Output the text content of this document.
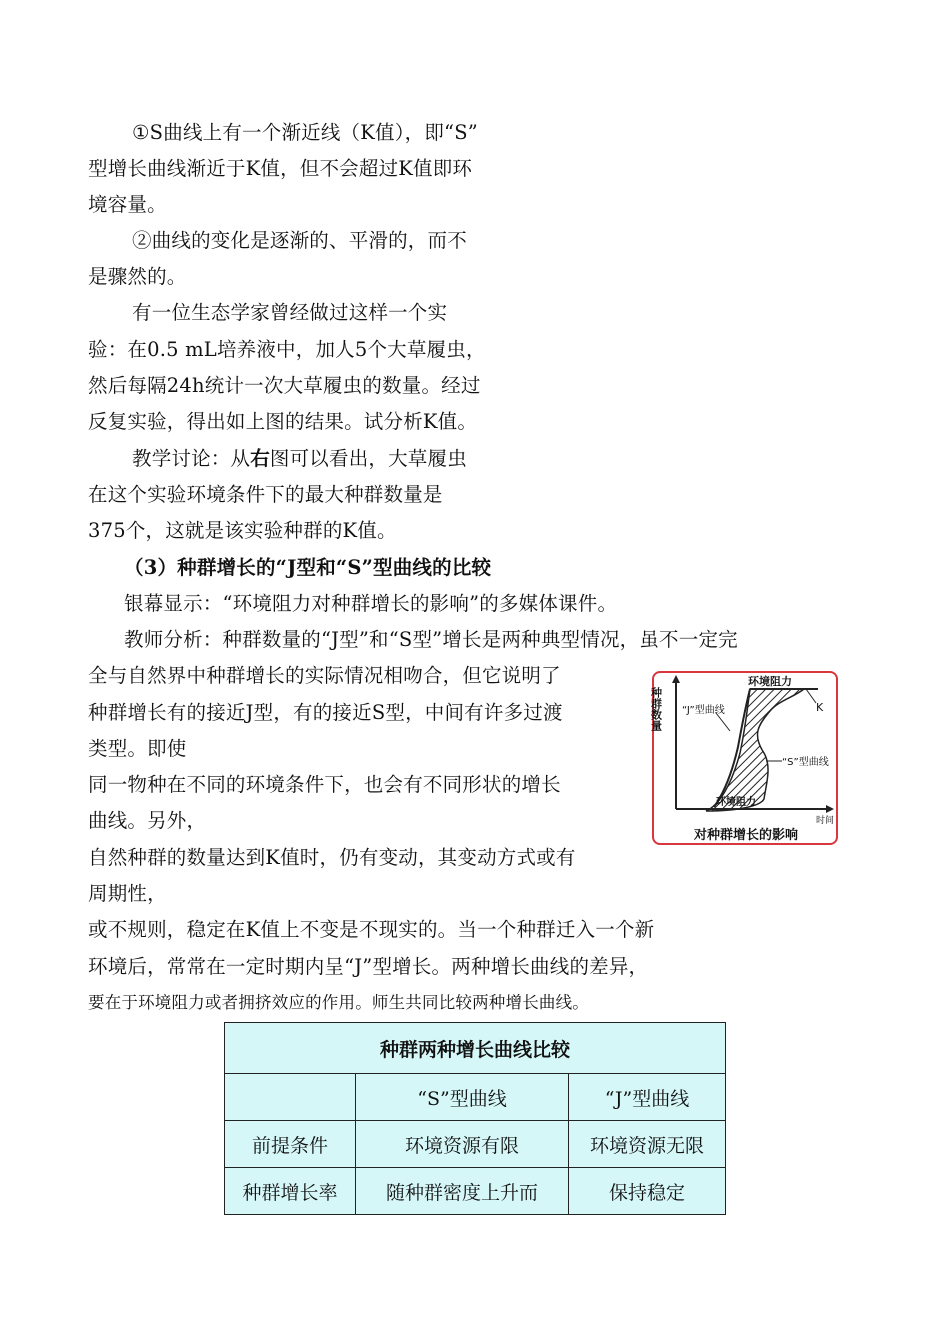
①S曲线上有一个渐近线（K值），即“S”
型增长曲线渐近于K值，但不会超过K值即环
境容量。
②曲线的变化是逐渐的、平滑的，而不
是骤然的。
有一位生态学家曾经做过这样一个实
验：在0.5 mL培养液中，加人5个大草履虫，
然后每隔24h统计一次大草履虫的数量。经过
反复实验，得出如上图的结果。试分析K值。
教学讨论：从右图可以看出，大草履虫
在这个实验环境条件下的最大种群数量是
375个，这就是该实验种群的K值。
（3）种群增长的“J型和“S”型曲线的比较
银幕显示：“环境阻力对种群增长的影响”的多媒体课件。
教师分析：种群数量的“J型”和“S型”增长是两种典型情况，虽不一定完
全与自然界中种群增长的实际情况相吻合，但它说明了
种群增长有的接近J型，有的接近S型，中间有许多过渡
类型。即使
同一物种在不同的环境条件下，也会有不同形状的增长
曲线。另外，
自然种群的数量达到K值时，仍有变动，其变动方式或有
周期性，
或不规则，稳定在K值上不变是不现实的。当一个种群迁入一个新
环境后，常常在一定时期内呈“J”型增长。两种增长曲线的差异，
要在于环境阻力或者拥挤效应的作用。师生共同比较两种增长曲线。
种群数量
环境阻力
“J”型曲线	K
“S”型曲线
环境阻力
时间
对种群增长的影响
种群两种增长曲线比较		
	“S”型曲线	“J”型曲线
前提条件	环境资源有限	环境资源无限
种群增长率	随种群密度上升而	保持稳定
